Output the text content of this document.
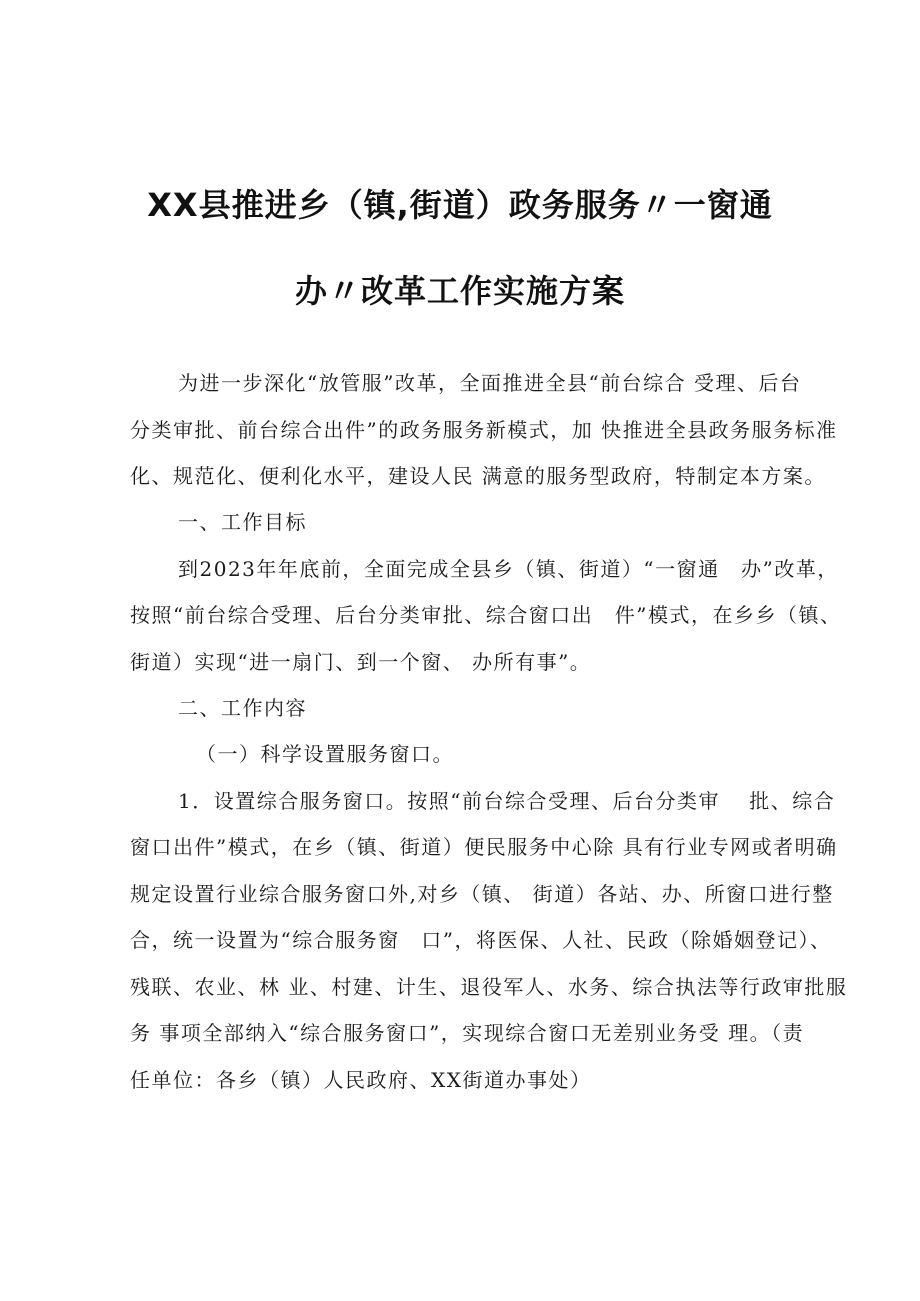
XX县推进乡（镇,街道）政务服务〃一窗通
办〃改革工作实施方案
为进一步深化“放管服”改革，全面推进全县“前台综合 受理、后台
分类审批、前台综合出件”的政务服务新模式，加 快推进全县政务服务标准
化、规范化、便利化水平，建设人民 满意的服务型政府，特制定本方案。
一、工作目标
到2023年年底前，全面完成全县乡（镇、街道）“一窗通　办”改革，
按照“前台综合受理、后台分类审批、综合窗口出　件”模式，在乡乡（镇、
街道）实现“进一扇门、到一个窗、 办所有事”。
二、工作内容
（一）科学设置服务窗口。
1．设置综合服务窗口。按照“前台综合受理、后台分类审　 批、综合
窗口出件”模式，在乡（镇、街道）便民服务中心除 具有行业专网或者明确
规定设置行业综合服务窗口外,对乡（镇、 街道）各站、办、所窗口进行整
合，统一设置为“综合服务窗　口”，将医保、人社、民政（除婚姻登记）、
残联、农业、林 业、村建、计生、退役军人、水务、综合执法等行政审批服
务 事项全部纳入“综合服务窗口”，实现综合窗口无差别业务受 理。（责
任单位：各乡（镇）人民政府、XX街道办事处）
